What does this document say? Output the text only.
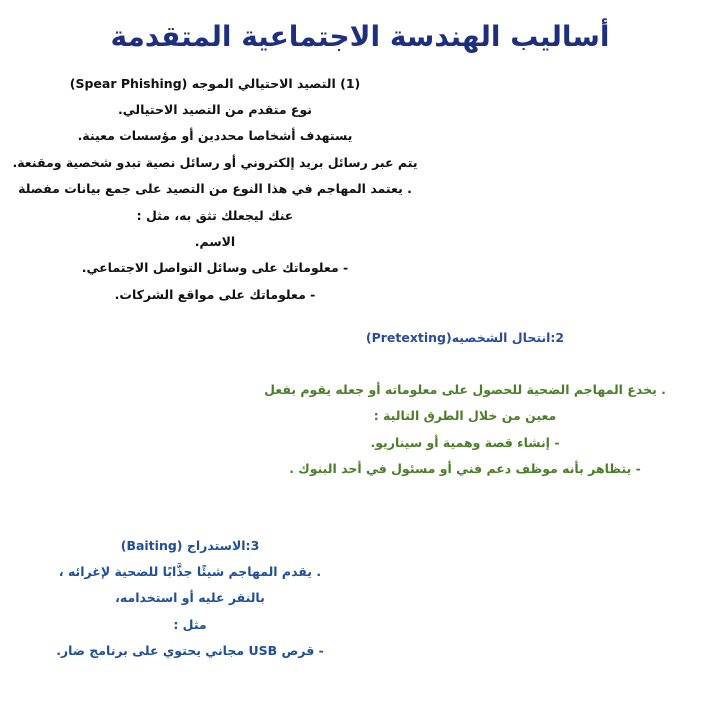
أساليب الهندسة الاجتماعية المتقدمة
(1) التصيد الاحتيالي الموجه (Spear Phishing)
نوع متقدم من التصيد الاحتيالي.
يستهدف أشخاصا محددين أو مؤسسات معينة.
يتم عبر رسائل بريد إلكتروني أو رسائل نصية تبدو شخصية ومقنعة.
. يعتمد المهاجم في هذا النوع من التصيد على جمع بيانات مفصلة
عنك ليجعلك تثق به، مثل :
الاسم.
- معلوماتك على وسائل التواصل الاجتماعي.
- معلوماتك على مواقع الشركات.
2:انتحال الشخصيه(Pretexting)
. يخدع المهاجم الضحية للحصول على معلوماته أو جعله يقوم بفعل
معين من خلال الطرق التالية :
- إنشاء قصة وهمية أو سيناريو.
- يتظاهر بأنه موظف دعم فني أو مسئول في أحد البنوك .
3:الاستدراج (Baiting)
. يقدم المهاجم شيئًا جذَّابًا للضحية لإغرائه ،
بالنقر عليه أو استخدامه،
مثل :
- قرص USB مجاني يحتوي على برنامج ضار.
